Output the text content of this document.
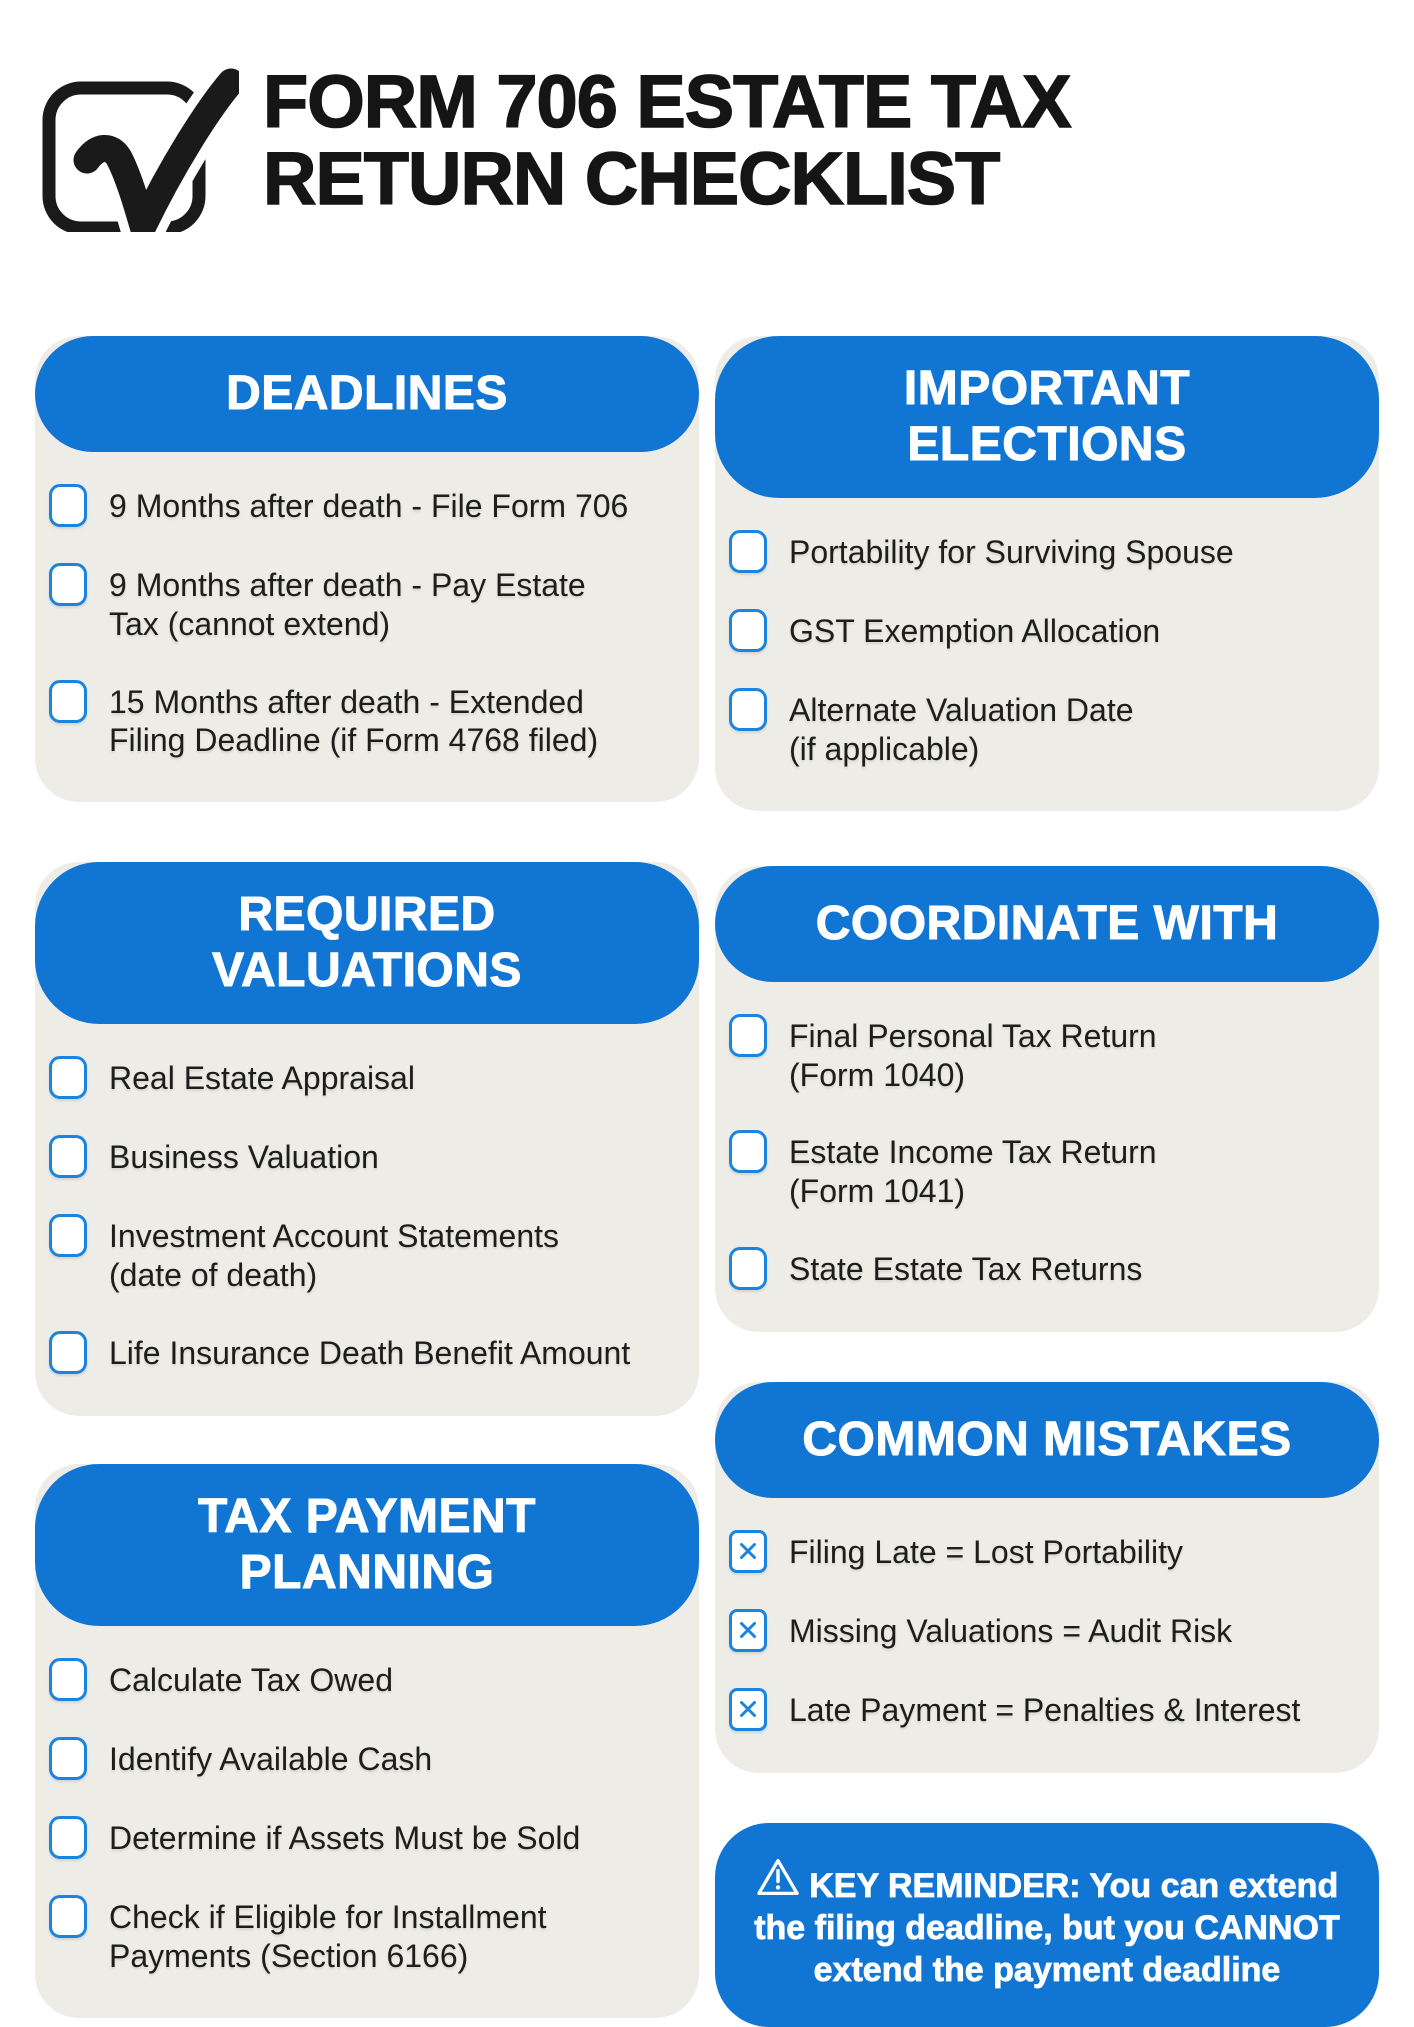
FORM 706 ESTATE TAX
RETURN CHECKLIST
DEADLINES
9 Months after death - File Form 706
9 Months after death - Pay Estate
Tax (cannot extend)
15 Months after death - Extended
Filing Deadline (if Form 4768 filed)
REQUIRED
VALUATIONS
Real Estate Appraisal
Business Valuation
Investment Account Statements
(date of death)
Life Insurance Death Benefit Amount
TAX PAYMENT
PLANNING
Calculate Tax Owed
Identify Available Cash
Determine if Assets Must be Sold
Check if Eligible for Installment
Payments (Section 6166)
IMPORTANT
ELECTIONS
Portability for Surviving Spouse
GST Exemption Allocation
Alternate Valuation Date
(if applicable)
COORDINATE WITH
Final Personal Tax Return
(Form 1040)
Estate Income Tax Return
(Form 1041)
State Estate Tax Returns
COMMON MISTAKES
Filing Late = Lost Portability
Missing Valuations = Audit Risk
Late Payment = Penalties & Interest
KEY REMINDER: You can extend
the filing deadline, but you CANNOT
extend the payment deadline
